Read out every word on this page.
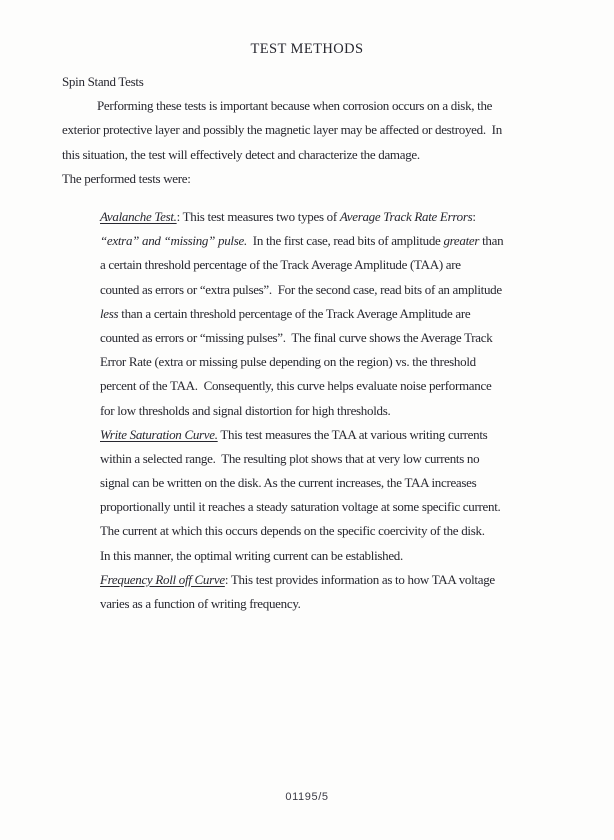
TEST METHODS
Spin Stand Tests
Performing these tests is important because when corrosion occurs on a disk, the
exterior protective layer and possibly the magnetic layer may be affected or destroyed.  In
this situation, the test will effectively detect and characterize the damage.
The performed tests were:
Avalanche Test.: This test measures two types of Average Track Rate Errors:
“extra” and “missing” pulse.  In the first case, read bits of amplitude greater than
a certain threshold percentage of the Track Average Amplitude (TAA) are
counted as errors or “extra pulses”.  For the second case, read bits of an amplitude
less than a certain threshold percentage of the Track Average Amplitude are
counted as errors or “missing pulses”.  The final curve shows the Average Track
Error Rate (extra or missing pulse depending on the region) vs. the threshold
percent of the TAA.  Consequently, this curve helps evaluate noise performance
for low thresholds and signal distortion for high thresholds.
Write Saturation Curve. This test measures the TAA at various writing currents
within a selected range.  The resulting plot shows that at very low currents no
signal can be written on the disk. As the current increases, the TAA increases
proportionally until it reaches a steady saturation voltage at some specific current.
The current at which this occurs depends on the specific coercivity of the disk.
In this manner, the optimal writing current can be established.
Frequency Roll off Curve: This test provides information as to how TAA voltage
varies as a function of writing frequency.
01195/5
